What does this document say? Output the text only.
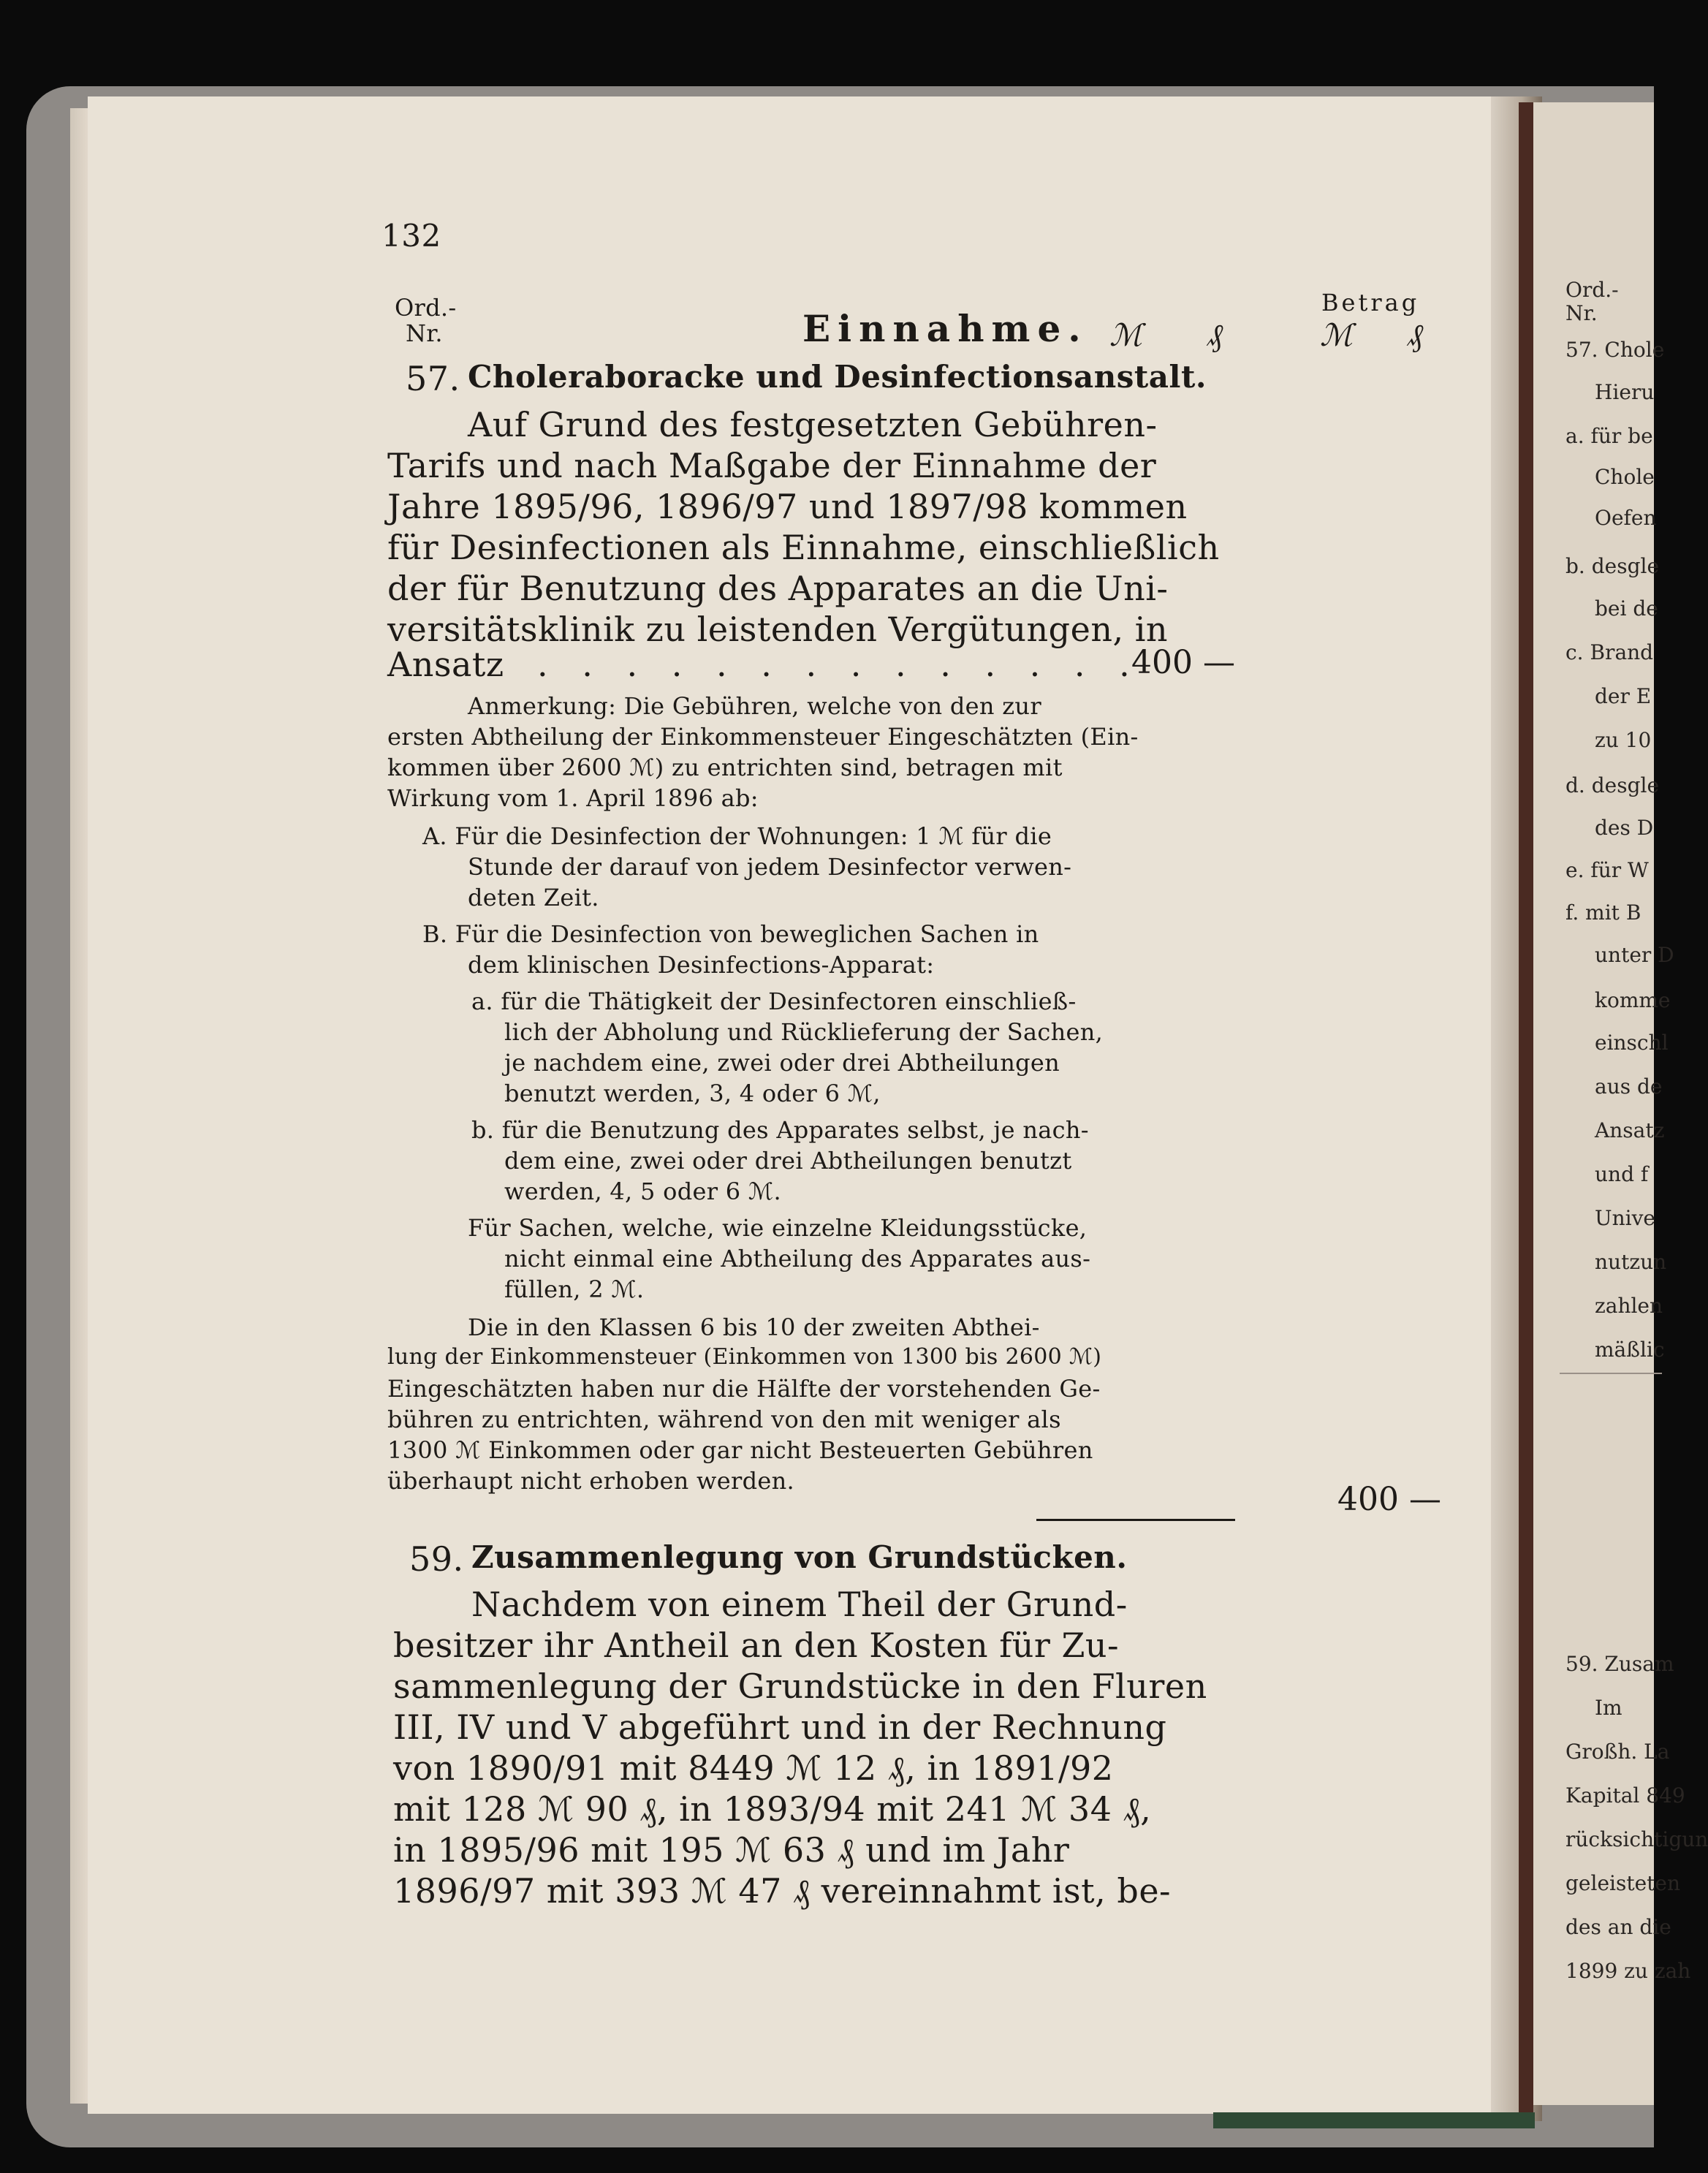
132
Ord.-
Nr.	Einnahme.
Betrag
ℳ ₰	ℳ ₰
57. Choleraboracke und Desinfectionsanstalt.
Auf Grund des festgesetzten Gebühren-
Tarifs und nach Maßgabe der Einnahme der
Jahre 1895/96, 1896/97 und 1897/98 kommen
für Desinfectionen als Einnahme, einschließlich
der für Benutzung des Apparates an die Uni-
versitätsklinik zu leistenden Vergütungen, in
Ansatz . . . . . . . . . . . . . .
400 —
Anmerkung: Die Gebühren, welche von den zur
ersten Abtheilung der Einkommensteuer Eingeschätzten (Ein-
kommen über 2600 ℳ) zu entrichten sind, betragen mit
Wirkung vom 1. April 1896 ab:
A. Für die Desinfection der Wohnungen: 1 ℳ für die
Stunde der darauf von jedem Desinfector verwen-
deten Zeit.
B. Für die Desinfection von beweglichen Sachen in
dem klinischen Desinfections-Apparat:
a. für die Thätigkeit der Desinfectoren einschließ-
lich der Abholung und Rücklieferung der Sachen,
je nachdem eine, zwei oder drei Abtheilungen
benutzt werden, 3, 4 oder 6 ℳ,
b. für die Benutzung des Apparates selbst, je nach-
dem eine, zwei oder drei Abtheilungen benutzt
werden, 4, 5 oder 6 ℳ.
Für Sachen, welche, wie einzelne Kleidungsstücke,
nicht einmal eine Abtheilung des Apparates aus-
füllen, 2 ℳ.
Die in den Klassen 6 bis 10 der zweiten Abthei-
lung der Einkommensteuer (Einkommen von 1300 bis 2600 ℳ)
Eingeschätzten haben nur die Hälfte der vorstehenden Ge-
bühren zu entrichten, während von den mit weniger als
1300 ℳ Einkommen oder gar nicht Besteuerten Gebühren
überhaupt nicht erhoben werden.	400 —
59. Zusammenlegung von Grundstücken.
Nachdem von einem Theil der Grund-
besitzer ihr Antheil an den Kosten für Zu-
sammenlegung der Grundstücke in den Fluren
III, IV und V abgeführt und in der Rechnung
von 1890/91 mit 8449 ℳ 12 ₰, in 1891/92
mit 128 ℳ 90 ₰, in 1893/94 mit 241 ℳ 34 ₰,
in 1895/96 mit 195 ℳ 63 ₰ und im Jahr
1896/97 mit 393 ℳ 47 ₰ vereinnahmt ist, be-
Ord.-
Nr.
57. Chole
Hieru
a. für be
Chole
Oefen
b. desgle
bei de
c. Brand
der E
zu 10
d. desgle
des D
e. für W
f. mit B
unter D
komme
einschl
aus de
Ansatz
und f
Unive
nutzun
zahlen
mäßlic
59. Zusam
Im
Großh. La
Kapital 849
rücksichtigun
geleisteten
des an die
1899 zu zah
